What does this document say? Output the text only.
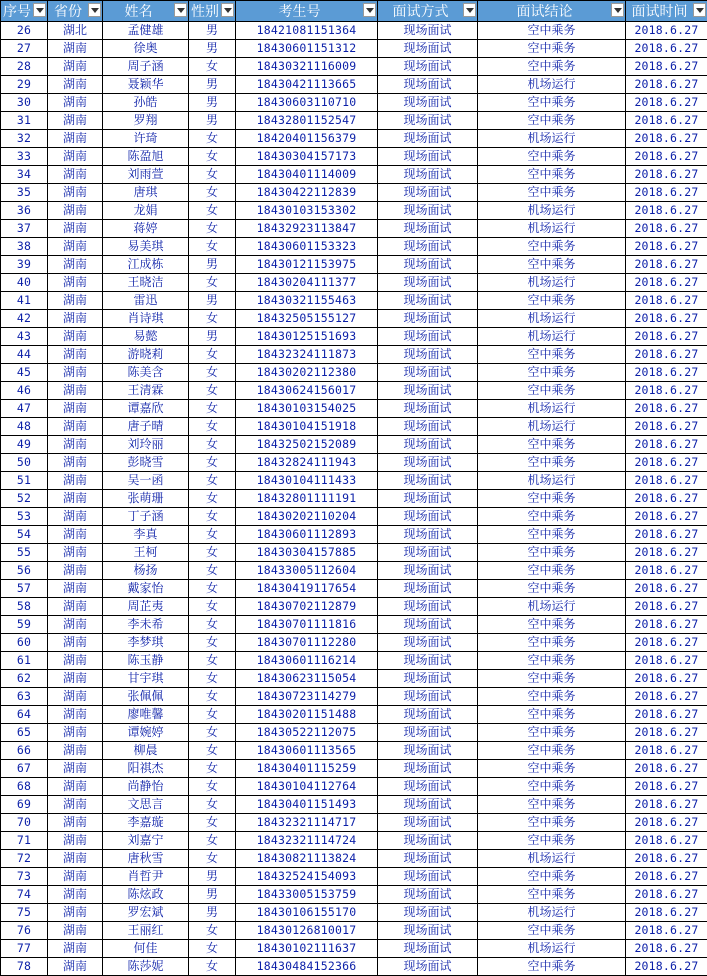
序号	省份	姓名	性别	考生号	面试方式	面试结论	面试时间

26	湖北	孟健雄	男	18421081151364	现场面试	空中乘务	2018.6.27
27	湖南	徐奥	男	18430601151312	现场面试	空中乘务	2018.6.27
28	湖南	周子涵	女	18430321116009	现场面试	空中乘务	2018.6.27
29	湖南	聂颖华	男	18430421113665	现场面试	机场运行	2018.6.27
30	湖南	孙皓	男	18430603110710	现场面试	空中乘务	2018.6.27
31	湖南	罗翔	男	18432801152547	现场面试	空中乘务	2018.6.27
32	湖南	许琦	女	18420401156379	现场面试	机场运行	2018.6.27
33	湖南	陈盈旭	女	18430304157173	现场面试	空中乘务	2018.6.27
34	湖南	刘雨萱	女	18430401114009	现场面试	空中乘务	2018.6.27
35	湖南	唐琪	女	18430422112839	现场面试	空中乘务	2018.6.27
36	湖南	龙娟	女	18430103153302	现场面试	机场运行	2018.6.27
37	湖南	蒋婷	女	18432923113847	现场面试	机场运行	2018.6.27
38	湖南	易美琪	女	18430601153323	现场面试	空中乘务	2018.6.27
39	湖南	江成栋	男	18430121153975	现场面试	空中乘务	2018.6.27
40	湖南	王晓洁	女	18430204111377	现场面试	机场运行	2018.6.27
41	湖南	雷迅	男	18430321155463	现场面试	空中乘务	2018.6.27
42	湖南	肖诗琪	女	18432505155127	现场面试	机场运行	2018.6.27
43	湖南	易懿	男	18430125151693	现场面试	机场运行	2018.6.27
44	湖南	游晓莉	女	18432324111873	现场面试	空中乘务	2018.6.27
45	湖南	陈美含	女	18430202112380	现场面试	空中乘务	2018.6.27
46	湖南	王清霖	女	18430624156017	现场面试	空中乘务	2018.6.27
47	湖南	谭嘉欣	女	18430103154025	现场面试	机场运行	2018.6.27
48	湖南	唐子晴	女	18430104151918	现场面试	机场运行	2018.6.27
49	湖南	刘玲丽	女	18432502152089	现场面试	空中乘务	2018.6.27
50	湖南	彭晓雪	女	18432824111943	现场面试	空中乘务	2018.6.27
51	湖南	吴一函	女	18430104111433	现场面试	机场运行	2018.6.27
52	湖南	张萌珊	女	18432801111191	现场面试	空中乘务	2018.6.27
53	湖南	丁子涵	女	18430202110204	现场面试	空中乘务	2018.6.27
54	湖南	李真	女	18430601112893	现场面试	空中乘务	2018.6.27
55	湖南	王柯	女	18430304157885	现场面试	空中乘务	2018.6.27
56	湖南	杨扬	女	18433005112604	现场面试	空中乘务	2018.6.27
57	湖南	戴家怡	女	18430419117654	现场面试	空中乘务	2018.6.27
58	湖南	周芷夷	女	18430702112879	现场面试	机场运行	2018.6.27
59	湖南	李未希	女	18430701111816	现场面试	空中乘务	2018.6.27
60	湖南	李梦琪	女	18430701112280	现场面试	空中乘务	2018.6.27
61	湖南	陈玉静	女	18430601116214	现场面试	空中乘务	2018.6.27
62	湖南	甘宇琪	女	18430623115054	现场面试	空中乘务	2018.6.27
63	湖南	张佩佩	女	18430723114279	现场面试	空中乘务	2018.6.27
64	湖南	廖唯馨	女	18430201151488	现场面试	空中乘务	2018.6.27
65	湖南	谭婉婷	女	18430522112075	现场面试	空中乘务	2018.6.27
66	湖南	柳晨	女	18430601113565	现场面试	空中乘务	2018.6.27
67	湖南	阳祺杰	女	18430401115259	现场面试	空中乘务	2018.6.27
68	湖南	尚静怡	女	18430104112764	现场面试	空中乘务	2018.6.27
69	湖南	文思言	女	18430401151493	现场面试	空中乘务	2018.6.27
70	湖南	李嘉璇	女	18432321114717	现场面试	空中乘务	2018.6.27
71	湖南	刘嘉宁	女	18432321114724	现场面试	空中乘务	2018.6.27
72	湖南	唐秋雪	女	18430821113824	现场面试	机场运行	2018.6.27
73	湖南	肖哲尹	男	18432524154093	现场面试	空中乘务	2018.6.27
74	湖南	陈炫政	男	18433005153759	现场面试	空中乘务	2018.6.27
75	湖南	罗宏斌	男	18430106155170	现场面试	机场运行	2018.6.27
76	湖南	王丽红	女	18430126810017	现场面试	空中乘务	2018.6.27
77	湖南	何佳	女	18430102111637	现场面试	机场运行	2018.6.27
78	湖南	陈莎妮	女	18430484152366	现场面试	空中乘务	2018.6.27
